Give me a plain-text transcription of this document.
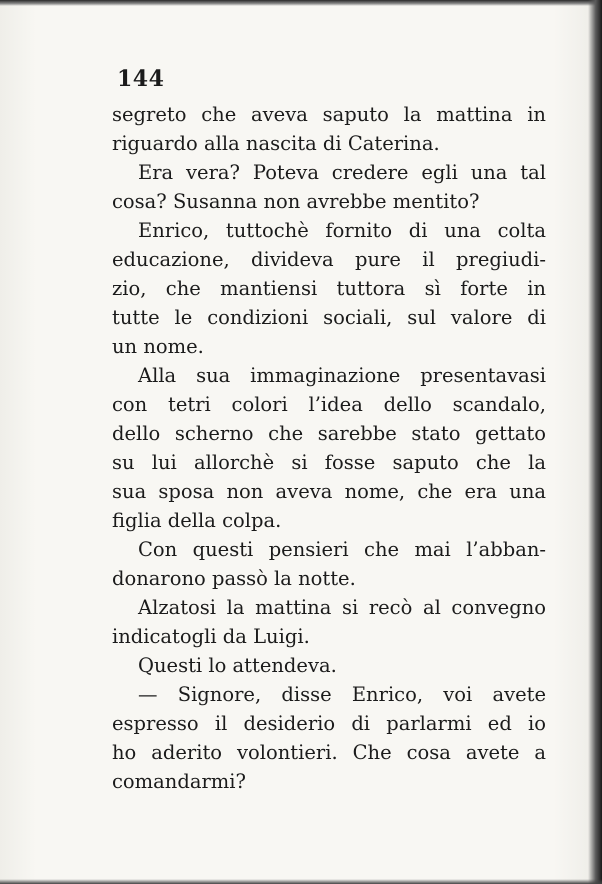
144
segreto che aveva saputo la mattina in
riguardo alla nascita di Caterina.
Era vera? Poteva credere egli una tal
cosa? Susanna non avrebbe mentito?
Enrico, tuttochè fornito di una colta
educazione, divideva pure il pregiudi-
zio, che mantiensi tuttora sì forte in
tutte le condizioni sociali, sul valore di
un nome.
Alla sua immaginazione presentavasi
con tetri colori l’idea dello scandalo,
dello scherno che sarebbe stato gettato
su lui allorchè si fosse saputo che la
sua sposa non aveva nome, che era una
figlia della colpa.
Con questi pensieri che mai l’abban-
donarono passò la notte.
Alzatosi la mattina si recò al convegno
indicatogli da Luigi.
Questi lo attendeva.
— Signore, disse Enrico, voi avete
espresso il desiderio di parlarmi ed io
ho aderito volontieri. Che cosa avete a
comandarmi?
